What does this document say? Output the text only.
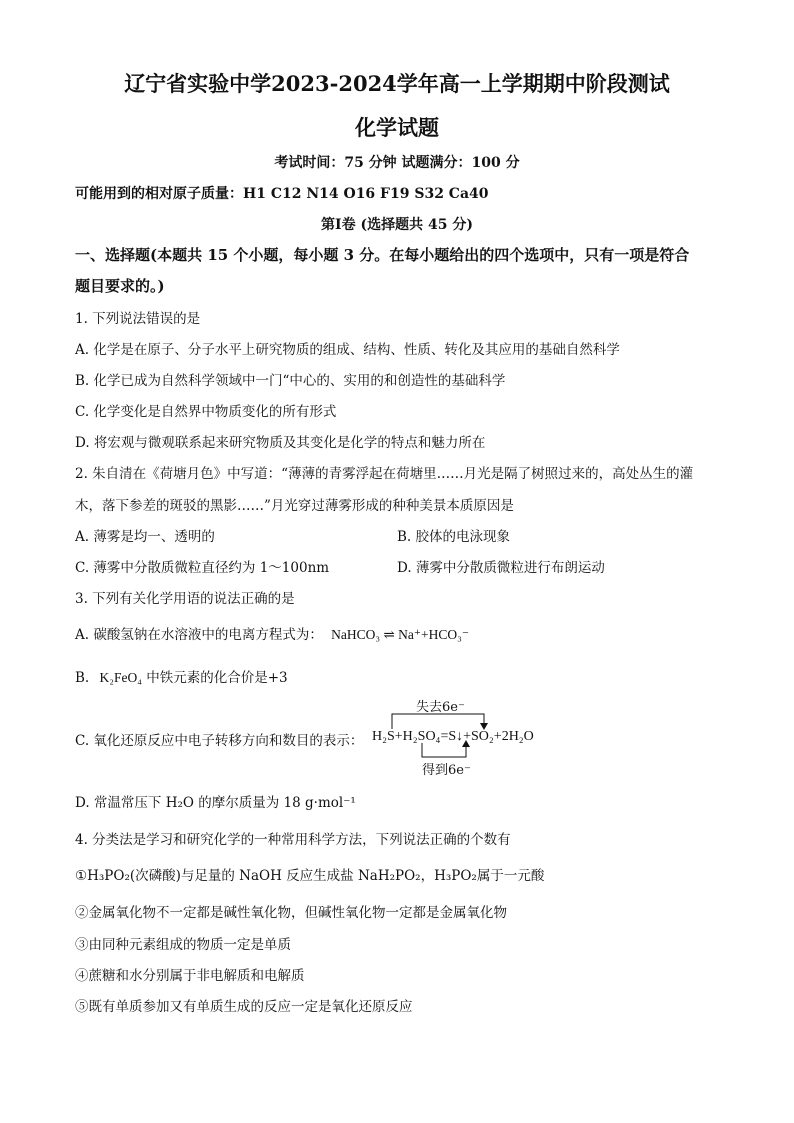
辽宁省实验中学2023-2024学年高一上学期期中阶段测试
化学试题
考试时间：75 分钟 试题满分：100 分
可能用到的相对原子质量：H1 C12 N14 O16 F19 S32 Ca40
第Ⅰ卷 (选择题共 45 分)
一、选择题(本题共 15 个小题，每小题 3 分。在每小题给出的四个选项中，只有一项是符合
题目要求的。)
1. 下列说法错误的是
A. 化学是在原子、分子水平上研究物质的组成、结构、性质、转化及其应用的基础自然科学
B. 化学已成为自然科学领域中一门“中心的、实用的和创造性的基础科学
C. 化学变化是自然界中物质变化的所有形式
D. 将宏观与微观联系起来研究物质及其变化是化学的特点和魅力所在
2. 朱自清在《荷塘月色》中写道：“薄薄的青雾浮起在荷塘里……月光是隔了树照过来的，高处丛生的灌
木，落下参差的斑驳的黑影……”月光穿过薄雾形成的种种美景本质原因是
A. 薄雾是均一、透明的	B. 胶体的电泳现象
C. 薄雾中分散质微粒直径约为 1～100nm	D. 薄雾中分散质微粒进行布朗运动
3. 下列有关化学用语的说法正确的是
A. 碳酸氢钠在水溶液中的电离方程式为： NaHCO₃ ⇌ Na⁺+HCO₃⁻
B. K₂FeO₄ 中铁元素的化合价是+3
C. 氧化还原反应中电子转移方向和数目的表示：
失去6e⁻
H₂S+H₂SO₄=S↓+SO₂+2H₂O
得到6e⁻
D. 常温常压下 H₂O 的摩尔质量为 18 g·mol⁻¹
4. 分类法是学习和研究化学的一种常用科学方法，下列说法正确的个数有
①H₃PO₂(次磷酸)与足量的 NaOH 反应生成盐 NaH₂PO₂，H₃PO₂属于一元酸
②金属氧化物不一定都是碱性氧化物，但碱性氧化物一定都是金属氧化物
③由同种元素组成的物质一定是单质
④蔗糖和水分别属于非电解质和电解质
⑤既有单质参加又有单质生成的反应一定是氧化还原反应
